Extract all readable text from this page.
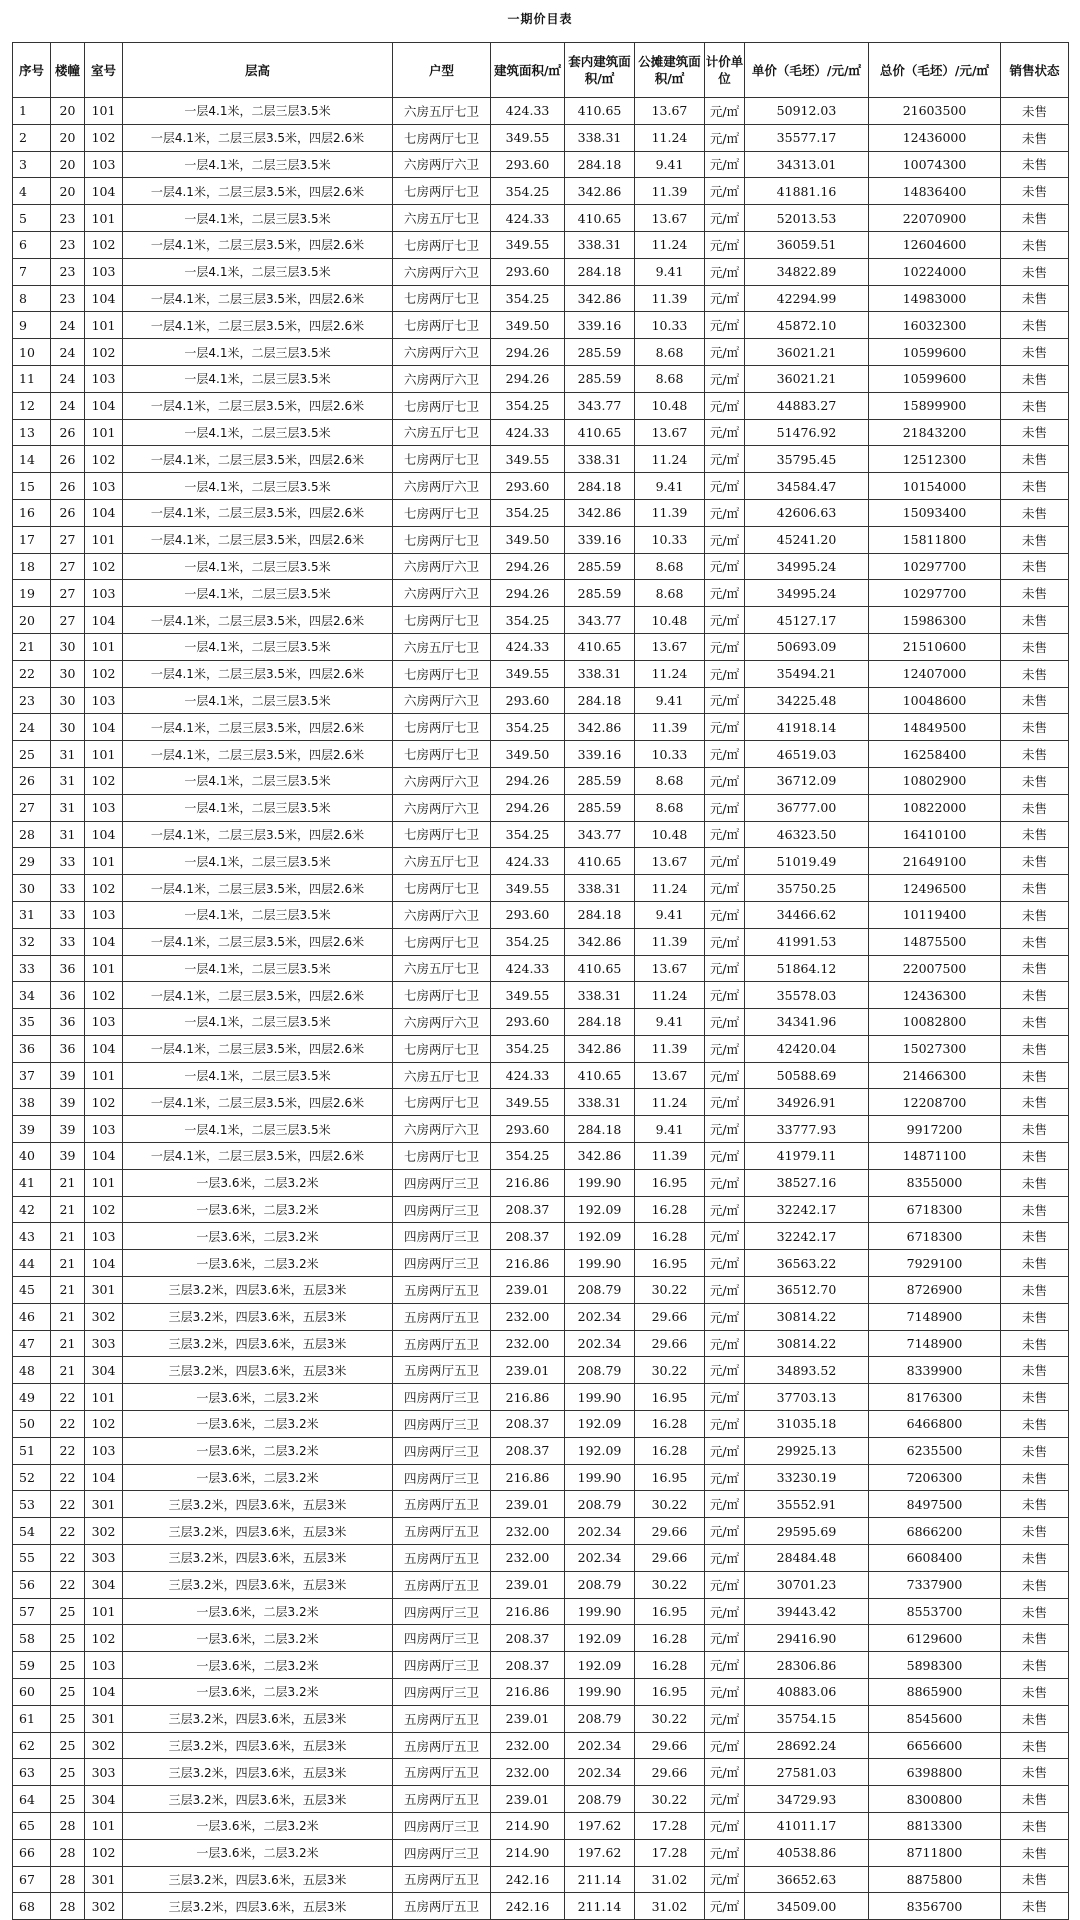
一期价目表
序号	楼幢	室号	层高	户型	建筑面积/㎡	套内建筑面积/㎡	公摊建筑面积/㎡	计价单位	单价（毛坯）/元/㎡	总价（毛坯）/元/㎡	销售状态
1	20	101	一层4.1米，二层三层3.5米	六房五厅七卫	424.33	410.65	13.67	元/㎡	50912.03	21603500	未售
2	20	102	一层4.1米，二层三层3.5米，四层2.6米	七房两厅七卫	349.55	338.31	11.24	元/㎡	35577.17	12436000	未售
3	20	103	一层4.1米，二层三层3.5米	六房两厅六卫	293.60	284.18	9.41	元/㎡	34313.01	10074300	未售
4	20	104	一层4.1米，二层三层3.5米，四层2.6米	七房两厅七卫	354.25	342.86	11.39	元/㎡	41881.16	14836400	未售
5	23	101	一层4.1米，二层三层3.5米	六房五厅七卫	424.33	410.65	13.67	元/㎡	52013.53	22070900	未售
6	23	102	一层4.1米，二层三层3.5米，四层2.6米	七房两厅七卫	349.55	338.31	11.24	元/㎡	36059.51	12604600	未售
7	23	103	一层4.1米，二层三层3.5米	六房两厅六卫	293.60	284.18	9.41	元/㎡	34822.89	10224000	未售
8	23	104	一层4.1米，二层三层3.5米，四层2.6米	七房两厅七卫	354.25	342.86	11.39	元/㎡	42294.99	14983000	未售
9	24	101	一层4.1米，二层三层3.5米，四层2.6米	七房两厅七卫	349.50	339.16	10.33	元/㎡	45872.10	16032300	未售
10	24	102	一层4.1米，二层三层3.5米	六房两厅六卫	294.26	285.59	8.68	元/㎡	36021.21	10599600	未售
11	24	103	一层4.1米，二层三层3.5米	六房两厅六卫	294.26	285.59	8.68	元/㎡	36021.21	10599600	未售
12	24	104	一层4.1米，二层三层3.5米，四层2.6米	七房两厅七卫	354.25	343.77	10.48	元/㎡	44883.27	15899900	未售
13	26	101	一层4.1米，二层三层3.5米	六房五厅七卫	424.33	410.65	13.67	元/㎡	51476.92	21843200	未售
14	26	102	一层4.1米，二层三层3.5米，四层2.6米	七房两厅七卫	349.55	338.31	11.24	元/㎡	35795.45	12512300	未售
15	26	103	一层4.1米，二层三层3.5米	六房两厅六卫	293.60	284.18	9.41	元/㎡	34584.47	10154000	未售
16	26	104	一层4.1米，二层三层3.5米，四层2.6米	七房两厅七卫	354.25	342.86	11.39	元/㎡	42606.63	15093400	未售
17	27	101	一层4.1米，二层三层3.5米，四层2.6米	七房两厅七卫	349.50	339.16	10.33	元/㎡	45241.20	15811800	未售
18	27	102	一层4.1米，二层三层3.5米	六房两厅六卫	294.26	285.59	8.68	元/㎡	34995.24	10297700	未售
19	27	103	一层4.1米，二层三层3.5米	六房两厅六卫	294.26	285.59	8.68	元/㎡	34995.24	10297700	未售
20	27	104	一层4.1米，二层三层3.5米，四层2.6米	七房两厅七卫	354.25	343.77	10.48	元/㎡	45127.17	15986300	未售
21	30	101	一层4.1米，二层三层3.5米	六房五厅七卫	424.33	410.65	13.67	元/㎡	50693.09	21510600	未售
22	30	102	一层4.1米，二层三层3.5米，四层2.6米	七房两厅七卫	349.55	338.31	11.24	元/㎡	35494.21	12407000	未售
23	30	103	一层4.1米，二层三层3.5米	六房两厅六卫	293.60	284.18	9.41	元/㎡	34225.48	10048600	未售
24	30	104	一层4.1米，二层三层3.5米，四层2.6米	七房两厅七卫	354.25	342.86	11.39	元/㎡	41918.14	14849500	未售
25	31	101	一层4.1米，二层三层3.5米，四层2.6米	七房两厅七卫	349.50	339.16	10.33	元/㎡	46519.03	16258400	未售
26	31	102	一层4.1米，二层三层3.5米	六房两厅六卫	294.26	285.59	8.68	元/㎡	36712.09	10802900	未售
27	31	103	一层4.1米，二层三层3.5米	六房两厅六卫	294.26	285.59	8.68	元/㎡	36777.00	10822000	未售
28	31	104	一层4.1米，二层三层3.5米，四层2.6米	七房两厅七卫	354.25	343.77	10.48	元/㎡	46323.50	16410100	未售
29	33	101	一层4.1米，二层三层3.5米	六房五厅七卫	424.33	410.65	13.67	元/㎡	51019.49	21649100	未售
30	33	102	一层4.1米，二层三层3.5米，四层2.6米	七房两厅七卫	349.55	338.31	11.24	元/㎡	35750.25	12496500	未售
31	33	103	一层4.1米，二层三层3.5米	六房两厅六卫	293.60	284.18	9.41	元/㎡	34466.62	10119400	未售
32	33	104	一层4.1米，二层三层3.5米，四层2.6米	七房两厅七卫	354.25	342.86	11.39	元/㎡	41991.53	14875500	未售
33	36	101	一层4.1米，二层三层3.5米	六房五厅七卫	424.33	410.65	13.67	元/㎡	51864.12	22007500	未售
34	36	102	一层4.1米，二层三层3.5米，四层2.6米	七房两厅七卫	349.55	338.31	11.24	元/㎡	35578.03	12436300	未售
35	36	103	一层4.1米，二层三层3.5米	六房两厅六卫	293.60	284.18	9.41	元/㎡	34341.96	10082800	未售
36	36	104	一层4.1米，二层三层3.5米，四层2.6米	七房两厅七卫	354.25	342.86	11.39	元/㎡	42420.04	15027300	未售
37	39	101	一层4.1米，二层三层3.5米	六房五厅七卫	424.33	410.65	13.67	元/㎡	50588.69	21466300	未售
38	39	102	一层4.1米，二层三层3.5米，四层2.6米	七房两厅七卫	349.55	338.31	11.24	元/㎡	34926.91	12208700	未售
39	39	103	一层4.1米，二层三层3.5米	六房两厅六卫	293.60	284.18	9.41	元/㎡	33777.93	9917200	未售
40	39	104	一层4.1米，二层三层3.5米，四层2.6米	七房两厅七卫	354.25	342.86	11.39	元/㎡	41979.11	14871100	未售
41	21	101	一层3.6米，二层3.2米	四房两厅三卫	216.86	199.90	16.95	元/㎡	38527.16	8355000	未售
42	21	102	一层3.6米，二层3.2米	四房两厅三卫	208.37	192.09	16.28	元/㎡	32242.17	6718300	未售
43	21	103	一层3.6米，二层3.2米	四房两厅三卫	208.37	192.09	16.28	元/㎡	32242.17	6718300	未售
44	21	104	一层3.6米，二层3.2米	四房两厅三卫	216.86	199.90	16.95	元/㎡	36563.22	7929100	未售
45	21	301	三层3.2米，四层3.6米，五层3米	五房两厅五卫	239.01	208.79	30.22	元/㎡	36512.70	8726900	未售
46	21	302	三层3.2米，四层3.6米，五层3米	五房两厅五卫	232.00	202.34	29.66	元/㎡	30814.22	7148900	未售
47	21	303	三层3.2米，四层3.6米，五层3米	五房两厅五卫	232.00	202.34	29.66	元/㎡	30814.22	7148900	未售
48	21	304	三层3.2米，四层3.6米，五层3米	五房两厅五卫	239.01	208.79	30.22	元/㎡	34893.52	8339900	未售
49	22	101	一层3.6米，二层3.2米	四房两厅三卫	216.86	199.90	16.95	元/㎡	37703.13	8176300	未售
50	22	102	一层3.6米，二层3.2米	四房两厅三卫	208.37	192.09	16.28	元/㎡	31035.18	6466800	未售
51	22	103	一层3.6米，二层3.2米	四房两厅三卫	208.37	192.09	16.28	元/㎡	29925.13	6235500	未售
52	22	104	一层3.6米，二层3.2米	四房两厅三卫	216.86	199.90	16.95	元/㎡	33230.19	7206300	未售
53	22	301	三层3.2米，四层3.6米，五层3米	五房两厅五卫	239.01	208.79	30.22	元/㎡	35552.91	8497500	未售
54	22	302	三层3.2米，四层3.6米，五层3米	五房两厅五卫	232.00	202.34	29.66	元/㎡	29595.69	6866200	未售
55	22	303	三层3.2米，四层3.6米，五层3米	五房两厅五卫	232.00	202.34	29.66	元/㎡	28484.48	6608400	未售
56	22	304	三层3.2米，四层3.6米，五层3米	五房两厅五卫	239.01	208.79	30.22	元/㎡	30701.23	7337900	未售
57	25	101	一层3.6米，二层3.2米	四房两厅三卫	216.86	199.90	16.95	元/㎡	39443.42	8553700	未售
58	25	102	一层3.6米，二层3.2米	四房两厅三卫	208.37	192.09	16.28	元/㎡	29416.90	6129600	未售
59	25	103	一层3.6米，二层3.2米	四房两厅三卫	208.37	192.09	16.28	元/㎡	28306.86	5898300	未售
60	25	104	一层3.6米，二层3.2米	四房两厅三卫	216.86	199.90	16.95	元/㎡	40883.06	8865900	未售
61	25	301	三层3.2米，四层3.6米，五层3米	五房两厅五卫	239.01	208.79	30.22	元/㎡	35754.15	8545600	未售
62	25	302	三层3.2米，四层3.6米，五层3米	五房两厅五卫	232.00	202.34	29.66	元/㎡	28692.24	6656600	未售
63	25	303	三层3.2米，四层3.6米，五层3米	五房两厅五卫	232.00	202.34	29.66	元/㎡	27581.03	6398800	未售
64	25	304	三层3.2米，四层3.6米，五层3米	五房两厅五卫	239.01	208.79	30.22	元/㎡	34729.93	8300800	未售
65	28	101	一层3.6米，二层3.2米	四房两厅三卫	214.90	197.62	17.28	元/㎡	41011.17	8813300	未售
66	28	102	一层3.6米，二层3.2米	四房两厅三卫	214.90	197.62	17.28	元/㎡	40538.86	8711800	未售
67	28	301	三层3.2米，四层3.6米，五层3米	五房两厅五卫	242.16	211.14	31.02	元/㎡	36652.63	8875800	未售
68	28	302	三层3.2米，四层3.6米，五层3米	五房两厅五卫	242.16	211.14	31.02	元/㎡	34509.00	8356700	未售
